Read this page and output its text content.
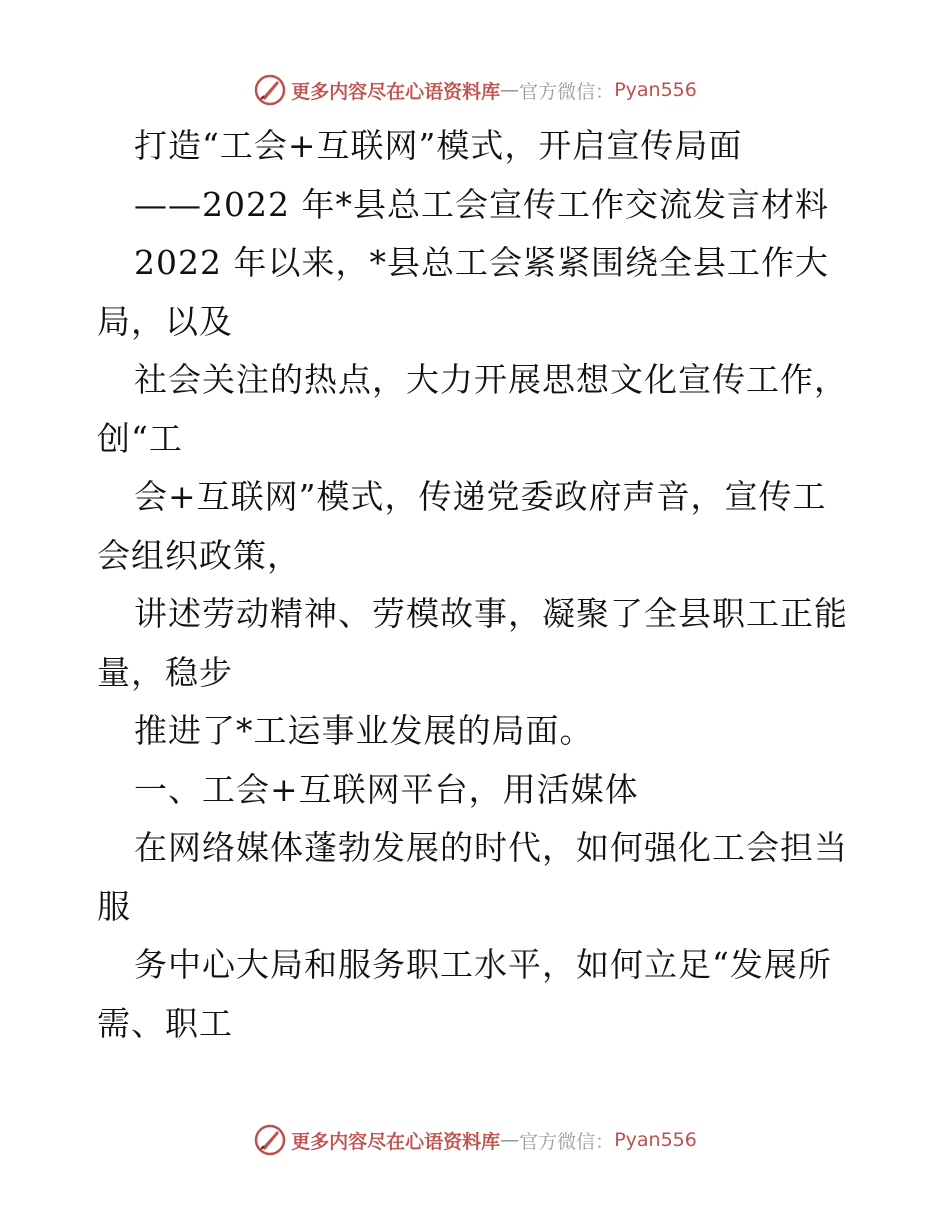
更多内容尽在心语资料库 — 官方微信： Pyan556
打造“工会+互联网”模式，开启宣传局面
——2022 年*县总工会宣传工作交流发言材料
2022 年以来，*县总工会紧紧围绕全县工作大
局，以及
社会关注的热点，大力开展思想文化宣传工作，
创“工
会+互联网”模式，传递党委政府声音，宣传工
会组织政策，
讲述劳动精神、劳模故事，凝聚了全县职工正能
量，稳步
推进了*工运事业发展的局面。
一、工会+互联网平台，用活媒体
在网络媒体蓬勃发展的时代，如何强化工会担当
服
务中心大局和服务职工水平，如何立足“发展所
需、职工
更多内容尽在心语资料库 — 官方微信： Pyan556
